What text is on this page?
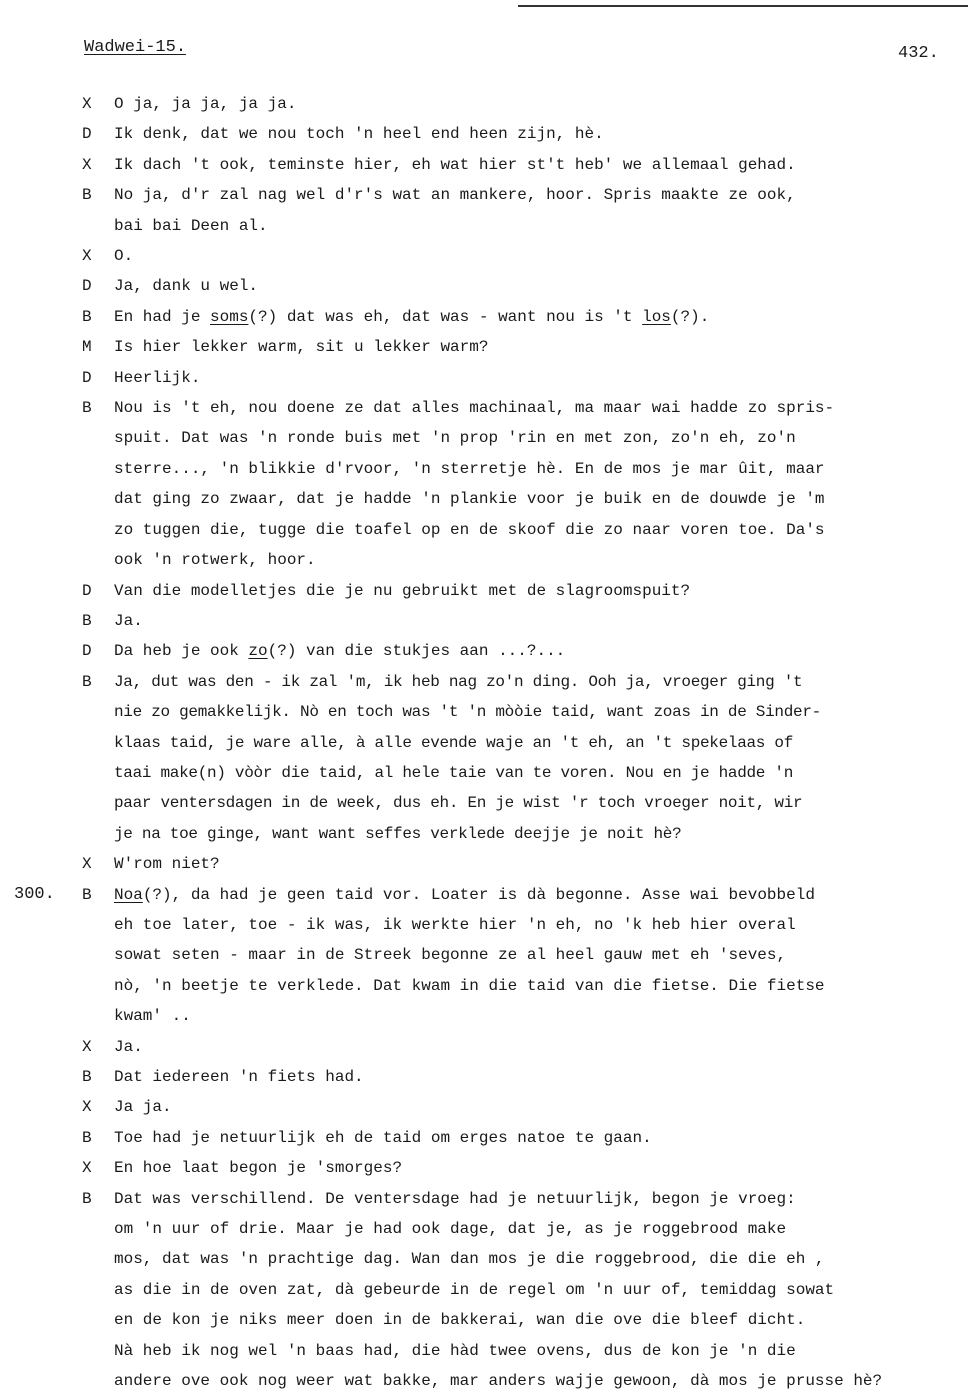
Wadwei-15.	432.
X	O ja, ja ja, ja ja.
D	Ik denk, dat we nou toch 'n heel end heen zijn, hè.
X	Ik dach 't ook, teminste hier, eh wat hier st't heb' we allemaal gehad.
B	No ja, d'r zal nag wel d'r's wat an mankere, hoor. Spris maakte ze ook,
bai bai Deen al.
X	O.
D	Ja, dank u wel.
B	En had je soms(?) dat was eh, dat was - want nou is 't los(?).
M	Is hier lekker warm, sit u lekker warm?
D	Heerlijk.
B	Nou is 't eh, nou doene ze dat alles machinaal, ma maar wai hadde zo spris-
spuit. Dat was 'n ronde buis met 'n prop 'rin en met zon, zo'n eh, zo'n
sterre..., 'n blikkie d'rvoor, 'n sterretje hè. En de mos je mar ûit, maar
dat ging zo zwaar, dat je hadde 'n plankie voor je buik en de douwde je 'm
zo tuggen die, tugge die toafel op en de skoof die zo naar voren toe. Da's
ook 'n rotwerk, hoor.
D	Van die modelletjes die je nu gebruikt met de slagroomspuit?
B	Ja.
D	Da heb je ook zo(?) van die stukjes aan ...?...
B	Ja, dut was den - ik zal 'm, ik heb nag zo'n ding. Ooh ja, vroeger ging 't
nie zo gemakkelijk. Nò en toch was 't 'n mòòie taid, want zoas in de Sinder-
klaas taid, je ware alle, à alle evende waje an 't eh, an 't spekelaas of
taai make(n) vòòr die taid, al hele taie van te voren. Nou en je hadde 'n
paar ventersdagen in de week, dus eh. En je wist 'r toch vroeger noit, wir
je na toe ginge, want want seffes verklede deejje je noit hè?
X	W'rom niet?
300. B	Noa(?), da had je geen taid vor. Loater is dà begonne. Asse wai bevobbeld
eh toe later, toe - ik was, ik werkte hier 'n eh, no 'k heb hier overal
sowat seten - maar in de Streek begonne ze al heel gauw met eh 'seves,
nò, 'n beetje te verklede. Dat kwam in die taid van die fietse. Die fietse
kwam' ..
X	Ja.
B	Dat iedereen 'n fiets had.
X	Ja ja.
B	Toe had je netuurlijk eh de taid om erges natoe te gaan.
X	En hoe laat begon je 'smorges?
B	Dat was verschillend. De ventersdage had je netuurlijk, begon je vroeg:
om 'n uur of drie. Maar je had ook dage, dat je, as je roggebrood make
mos, dat was 'n prachtige dag. Wan dan mos je die roggebrood, die die eh ,
as die in de oven zat, dà gebeurde in de regel om 'n uur of, temiddag sowat
en de kon je niks meer doen in de bakkerai, wan die ove die bleef dicht.
Nà heb ik nog wel 'n baas had, die hàd twee ovens, dus de kon je 'n die
andere ove ook nog weer wat bakke, mar anders wajje gewoon, dà mos je prusse hè?
